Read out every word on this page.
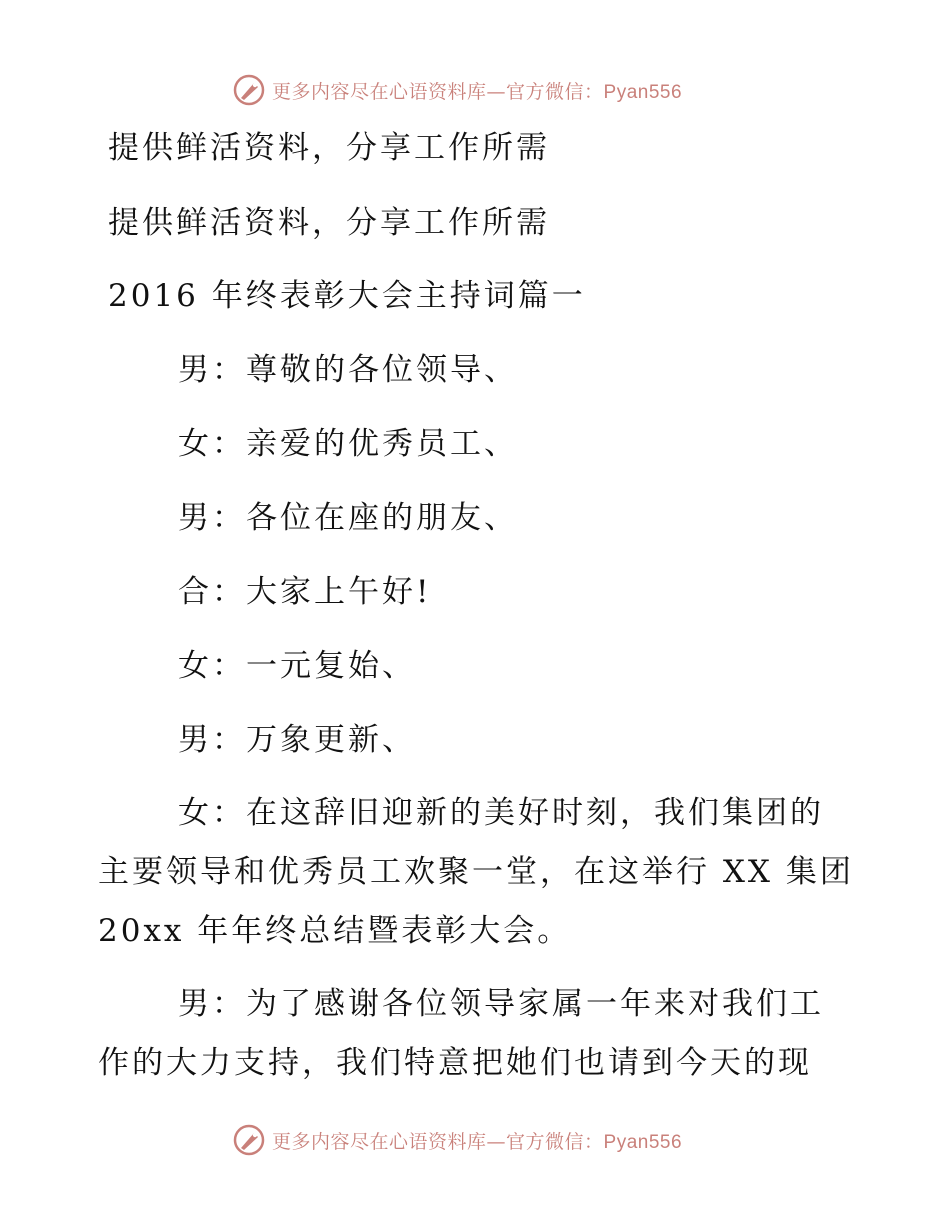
更多内容尽在心语资料库—官方微信：Pyan556
提供鲜活资料，分享工作所需
提供鲜活资料，分享工作所需
2016 年终表彰大会主持词篇一
男：尊敬的各位领导、
女：亲爱的优秀员工、
男：各位在座的朋友、
合：大家上午好!
女：一元复始、
男：万象更新、
女：在这辞旧迎新的美好时刻，我们集团的
主要领导和优秀员工欢聚一堂，在这举行 XX 集团
20xx 年年终总结暨表彰大会。
男：为了感谢各位领导家属一年来对我们工
作的大力支持，我们特意把她们也请到今天的现
更多内容尽在心语资料库—官方微信：Pyan556
